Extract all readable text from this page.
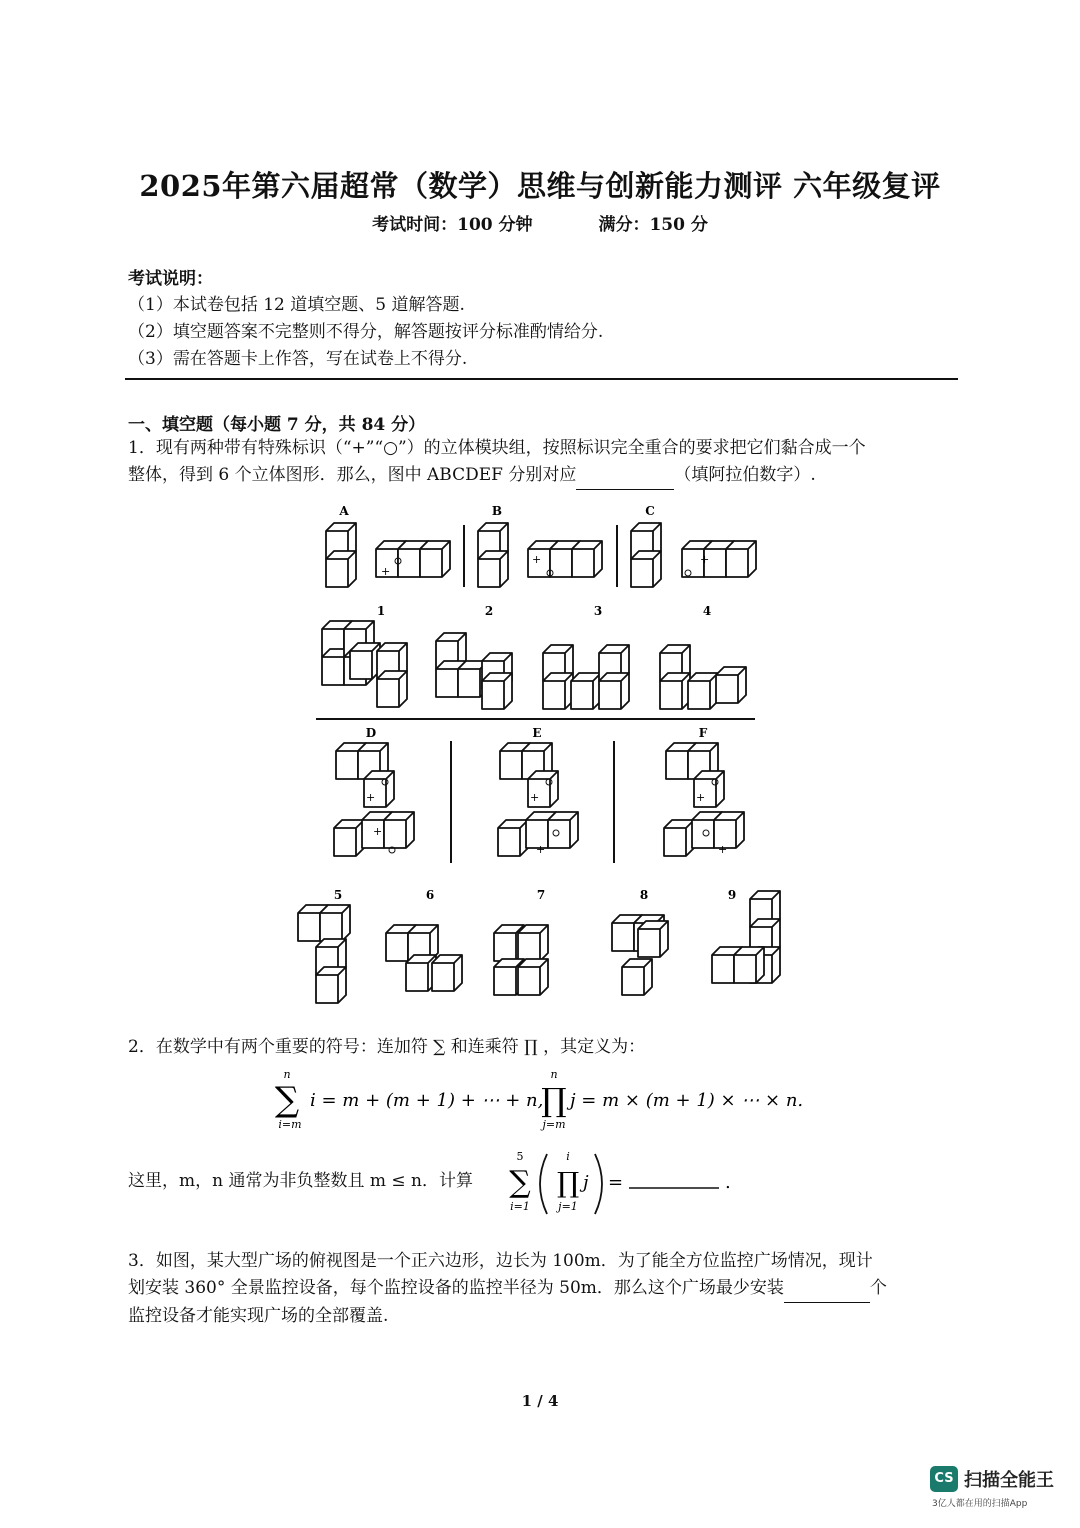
2025年第六届超常（数学）思维与创新能力测评 六年级复评
考试时间：100 分钟	满分：150 分
考试说明：
（1）本试卷包括 12 道填空题、5 道解答题.
（2）填空题答案不完整则不得分，解答题按评分标准酌情给分.
（3）需在答题卡上作答，写在试卷上不得分.
一、填空题（每小题 7 分，共 84 分）
1．现有两种带有特殊标识（“+”“○”）的立体模块组，按照标识完全重合的要求把它们黏合成一个
整体，得到 6 个立体图形．那么，图中 ABCDEF 分别对应	（填阿拉伯数字）.
A	B	C
+
+	+
1	2	3	4
D	E	F
+
+
+
+
+
+
5	6	7	8	9
2．在数学中有两个重要的符号：连加符 ∑ 和连乘符 ∏ ，其定义为：
n
∑
i=m
i = m + (m + 1) + ⋯ + n,
n
∏
j=m
j = m × (m + 1) × ⋯ × n.
这里，m，n 通常为非负整数且 m ≤ n．计算
5
∑
i=1
i
∏
j=1
j =	.
3．如图，某大型广场的俯视图是一个正六边形，边长为 100m．为了能全方位监控广场情况，现计
划安装 360° 全景监控设备，每个监控设备的监控半径为 50m．那么这个广场最少安装	个
监控设备才能实现广场的全部覆盖.
1 / 4
CS 扫描全能王
3亿人都在用的扫描App
